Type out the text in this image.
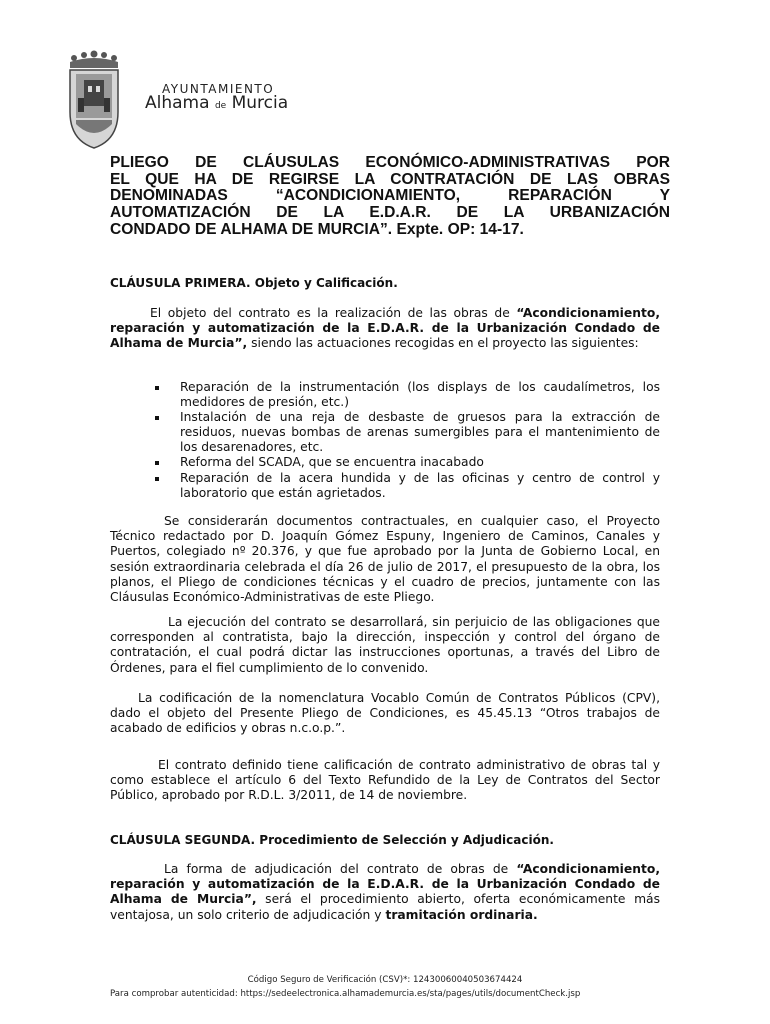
AYUNTAMIENTO
Alhama de Murcia
PLIEGO DE CLÁUSULAS ECONÓMICO-ADMINISTRATIVAS POR
EL QUE HA DE REGIRSE LA CONTRATACIÓN DE LAS OBRAS
DENOMINADAS “ACONDICIONAMIENTO, REPARACIÓN Y
AUTOMATIZACIÓN DE LA E.D.A.R. DE LA URBANIZACIÓN
CONDADO DE ALHAMA DE MURCIA”. Expte. OP: 14-17.
CLÁUSULA PRIMERA. Objeto y Calificación.

El objeto del contrato es la realización de las obras de “Acondicionamiento, reparación y automatización de la E.D.A.R. de la Urbanización Condado de Alhama de Murcia”, siendo las actuaciones recogidas en el proyecto las siguientes:

Reparación de la instrumentación (los displays de los caudalímetros, los medidores de presión, etc.)
Instalación de una reja de desbaste de gruesos para la extracción de residuos, nuevas bombas de arenas sumergibles para el mantenimiento de los desarenadores, etc.
Reforma del SCADA, que se encuentra inacabado
Reparación de la acera hundida y de las oficinas y centro de control y laboratorio que están agrietados.

Se considerarán documentos contractuales, en cualquier caso, el Proyecto Técnico redactado por D. Joaquín Gómez Espuny, Ingeniero de Caminos, Canales y Puertos, colegiado nº 20.376, y que fue aprobado por la Junta de Gobierno Local, en sesión extraordinaria celebrada el día 26 de julio de 2017, el presupuesto de la obra, los planos, el Pliego de condiciones técnicas y el cuadro de precios, juntamente con las Cláusulas Económico-Administrativas de este Pliego.

La ejecución del contrato se desarrollará, sin perjuicio de las obligaciones que corresponden al contratista, bajo la dirección, inspección y control del órgano de contratación, el cual podrá dictar las instrucciones oportunas, a través del Libro de Órdenes, para el fiel cumplimiento de lo convenido.

La codificación de la nomenclatura Vocablo Común de Contratos Públicos (CPV), dado el objeto del Presente Pliego de Condiciones, es 45.45.13 “Otros trabajos de acabado de edificios y obras n.c.o.p.”.

El contrato definido tiene calificación de contrato administrativo de obras tal y como establece el artículo 6 del Texto Refundido de la Ley de Contratos del Sector Público, aprobado por R.D.L. 3/2011, de 14 de noviembre.

CLÁUSULA SEGUNDA. Procedimiento de Selección y Adjudicación.

La forma de adjudicación del contrato de obras de “Acondicionamiento, reparación y automatización de la E.D.A.R. de la Urbanización Condado de Alhama de Murcia”, será el procedimiento abierto, oferta económicamente más ventajosa, un solo criterio de adjudicación y tramitación ordinaria.

Código Seguro de Verificación (CSV)*: 12430060040503674424
Para comprobar autenticidad: https://sedeelectronica.alhamademurcia.es/sta/pages/utils/documentCheck.jsp
